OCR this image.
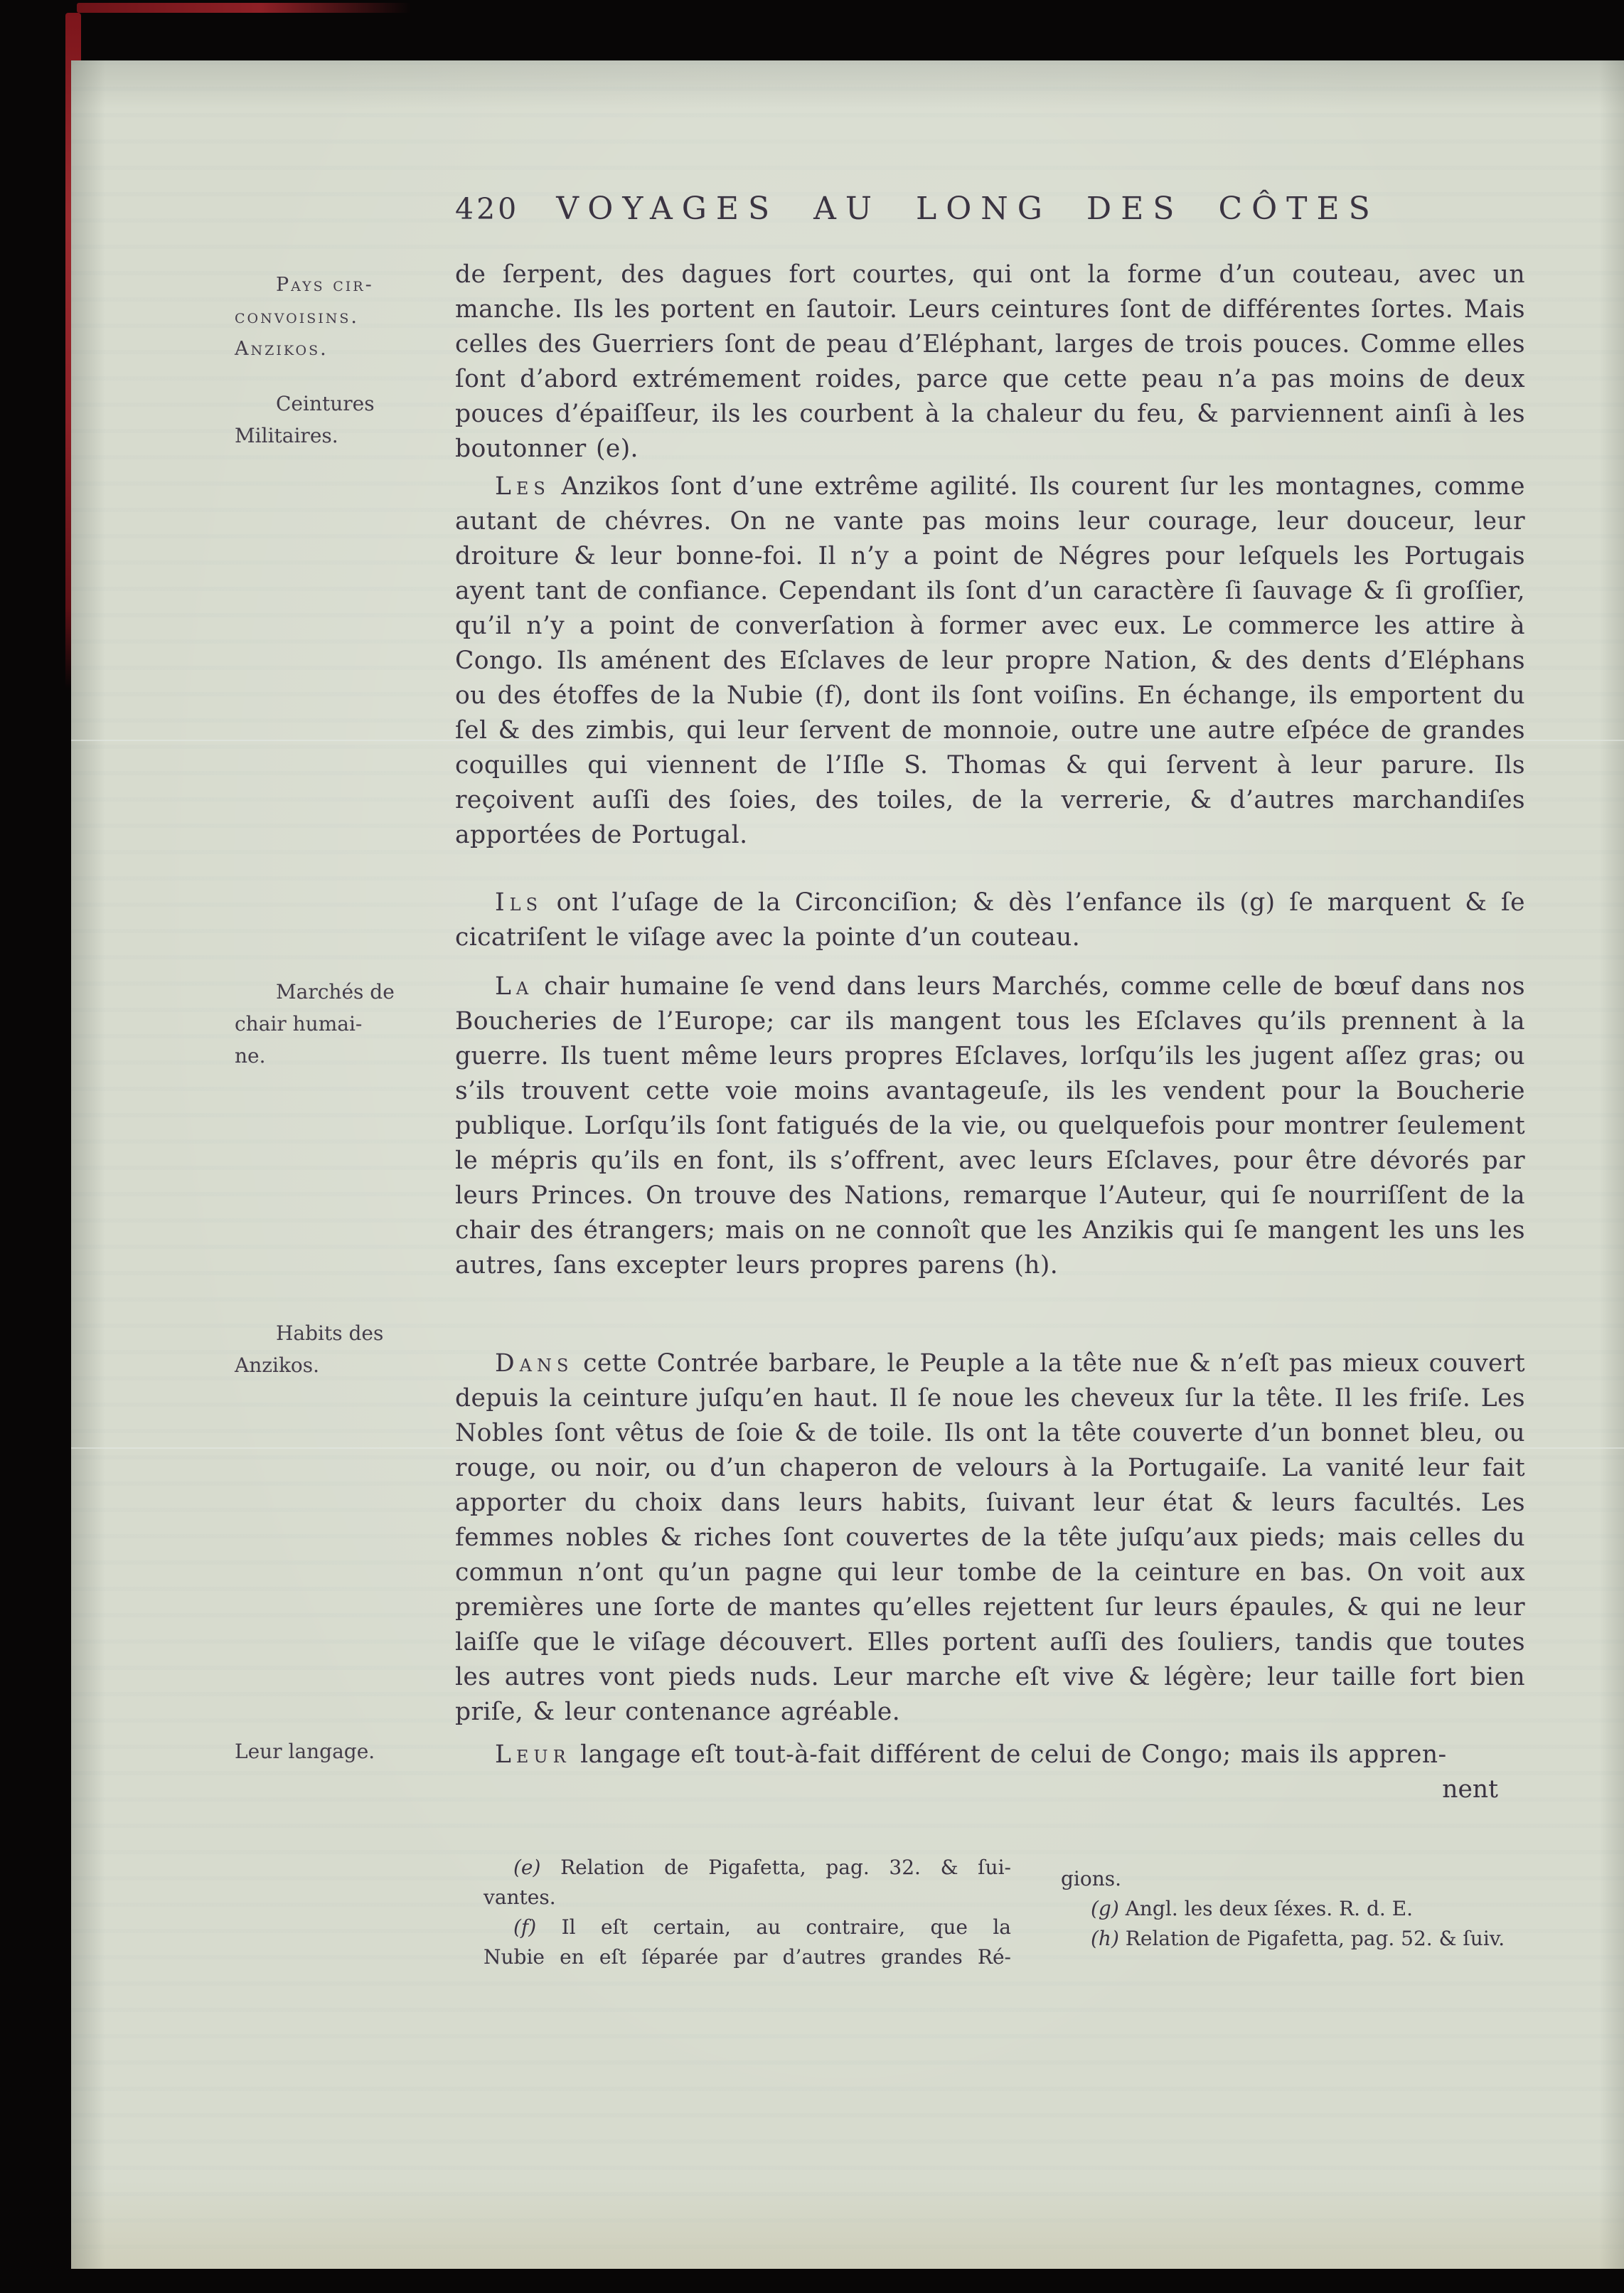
420 VOYAGES AU LONG DES CÔTES
Pays cir-
convoisins.
Anzikos.
Ceintures
Militaires.
Marchés de
chair humai-
ne.
Habits des
Anzikos.
Leur langage.
de ſerpent, des dagues fort courtes, qui ont la forme d’un couteau, avec un manche. Ils les portent en ſautoir. Leurs ceintures ſont de différentes ſortes. Mais celles des Guerriers ſont de peau d’Eléphant, larges de trois pouces. Comme elles ſont d’abord extrémement roides, parce que cette peau n’a pas moins de deux pouces d’épaiſſeur, ils les courbent à la chaleur du feu, & parviennent ainſi à les boutonner (e).
Les Anzikos ſont d’une extrême agilité. Ils courent ſur les montagnes, comme autant de chévres. On ne vante pas moins leur courage, leur douceur, leur droiture & leur bonne-foi. Il n’y a point de Négres pour leſquels les Portugais ayent tant de confiance. Cependant ils ſont d’un caractère ſi ſauvage & ſi groſſier, qu’il n’y a point de converſation à former avec eux. Le commerce les attire à Congo. Ils aménent des Eſclaves de leur propre Nation, & des dents d’Eléphans ou des étoffes de la Nubie (f), dont ils ſont voiſins. En échange, ils emportent du ſel & des zimbis, qui leur ſervent de monnoie, outre une autre eſpéce de grandes coquilles qui viennent de l’Iſle S. Thomas & qui ſervent à leur parure. Ils reçoivent auſſi des ſoies, des toiles, de la verrerie, & d’autres marchandiſes apportées de Portugal.
Ils ont l’uſage de la Circonciſion; & dès l’enfance ils (g) ſe marquent & ſe cicatriſent le viſage avec la pointe d’un couteau.
La chair humaine ſe vend dans leurs Marchés, comme celle de bœuf dans nos Boucheries de l’Europe; car ils mangent tous les Eſclaves qu’ils prennent à la guerre. Ils tuent même leurs propres Eſclaves, lorſqu’ils les jugent aſſez gras; ou s’ils trouvent cette voie moins avantageuſe, ils les vendent pour la Boucherie publique. Lorſqu’ils ſont fatigués de la vie, ou quelquefois pour montrer ſeulement le mépris qu’ils en font, ils s’offrent, avec leurs Eſclaves, pour être dévorés par leurs Princes. On trouve des Nations, remarque l’Auteur, qui ſe nourriſſent de la chair des étrangers; mais on ne connoît que les Anzikis qui ſe mangent les uns les autres, ſans excepter leurs propres parens (h).
Dans cette Contrée barbare, le Peuple a la tête nue & n’eſt pas mieux couvert depuis la ceinture juſqu’en haut. Il ſe noue les cheveux ſur la tête. Il les friſe. Les Nobles ſont vêtus de ſoie & de toile. Ils ont la tête couverte d’un bonnet bleu, ou rouge, ou noir, ou d’un chaperon de velours à la Portugaiſe. La vanité leur fait apporter du choix dans leurs habits, ſuivant leur état & leurs facultés. Les femmes nobles & riches ſont couvertes de la tête juſqu’aux pieds; mais celles du commun n’ont qu’un pagne qui leur tombe de la ceinture en bas. On voit aux premières une ſorte de mantes qu’elles rejettent ſur leurs épaules, & qui ne leur laiſſe que le viſage découvert. Elles portent auſſi des ſouliers, tandis que toutes les autres vont pieds nuds. Leur marche eſt vive & légère; leur taille fort bien priſe, & leur contenance agréable.
Leur langage eſt tout-à-fait différent de celui de Congo; mais ils appren-
nent
(e) Relation de Pigafetta, pag. 32. & ſui-
vantes.
(f) Il eſt certain, au contraire, que la
Nubie en eſt ſéparée par d’autres grandes Ré-
gions.
(g) Angl. les deux ſéxes. R. d. E.
(h) Relation de Pigafetta, pag. 52. & ſuiv.
